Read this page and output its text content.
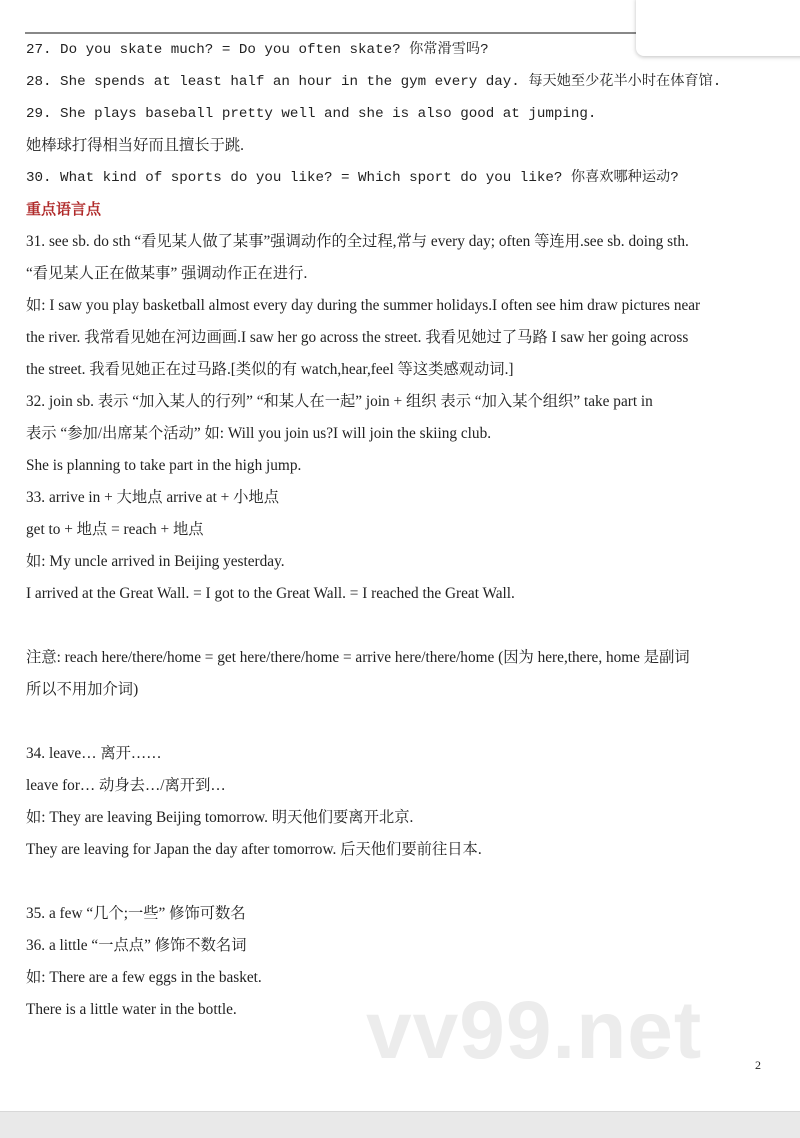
27. Do you skate much? = Do you often skate? 你常滑雪吗?
28. She spends at least half an hour in the gym every day. 每天她至少花半小时在体育馆.
29. She plays baseball pretty well and she is also good at jumping.
她棒球打得相当好而且擅长于跳.
30. What kind of sports do you like? = Which sport do you like? 你喜欢哪种运动?
重点语言点
31. see sb. do sth “看见某人做了某事”强调动作的全过程,常与 every day; often 等连用.see sb. doing sth.
“看见某人正在做某事” 强调动作正在进行.
如: I saw you play basketball almost every day during the summer holidays.I often see him draw pictures near
the river. 我常看见她在河边画画.I saw her go across the street. 我看见她过了马路 I saw her going across
the street. 我看见她正在过马路.[类似的有 watch,hear,feel 等这类感观动词.]
32. join sb. 表示 “加入某人的行列” “和某人在一起” join + 组织 表示 “加入某个组织” take part in
表示 “参加/出席某个活动” 如: Will you join us?I will join the skiing club.
She is planning to take part in the high jump.
33. arrive in + 大地点 arrive at + 小地点
get to + 地点 = reach + 地点
如: My uncle arrived in Beijing yesterday.
I arrived at the Great Wall. = I got to the Great Wall. = I reached the Great Wall.
注意: reach here/there/home = get here/there/home = arrive here/there/home (因为 here,there, home 是副词
所以不用加介词)
34. leave… 离开……
leave for… 动身去…/离开到…
如: They are leaving Beijing tomorrow. 明天他们要离开北京.
They are leaving for Japan the day after tomorrow. 后天他们要前往日本.
35. a few “几个;一些” 修饰可数名
36. a little “一点点” 修饰不数名词
如: There are a few eggs in the basket.
There is a little water in the bottle. vv99.net	2
